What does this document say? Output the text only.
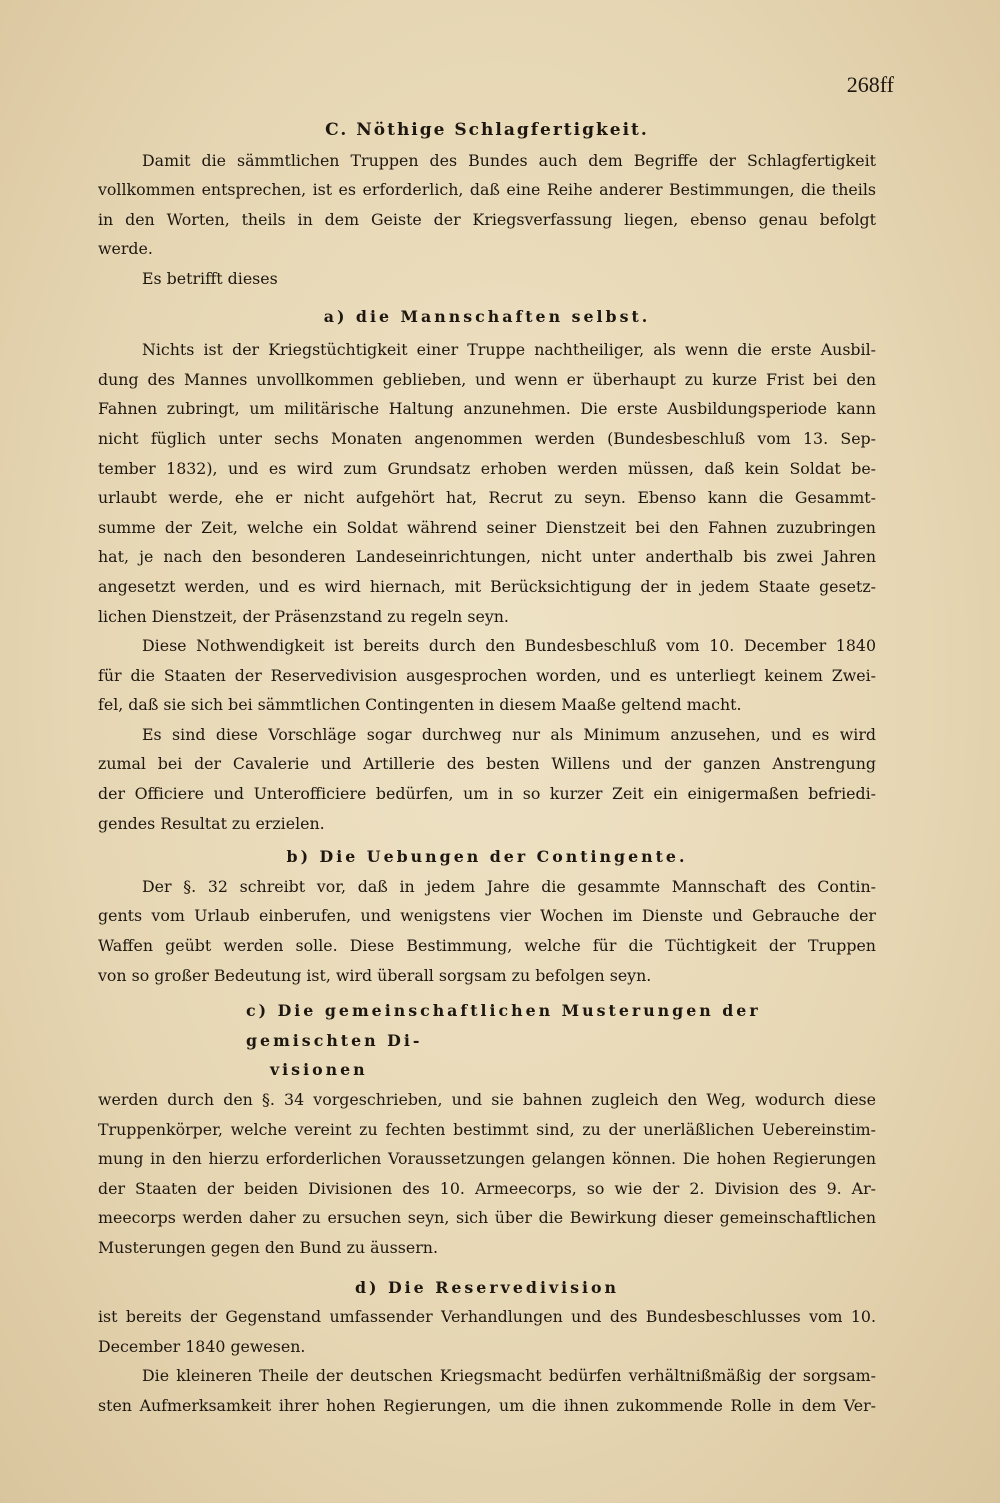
268ff
C. Nöthige Schlagfertigkeit.

Damit die sämmtlichen Truppen des Bundes auch dem Begriffe der Schlagfertigkeit

vollkommen entsprechen, ist es erforderlich, daß eine Reihe anderer Bestimmungen, die theils
in den Worten, theils in dem Geiste der Kriegsverfassung liegen, ebenso genau befolgt
werde.

Es betrifft dieses

a) die Mannschaften selbst.

Nichts ist der Kriegstüchtigkeit einer Truppe nachtheiliger, als wenn die erste Ausbil-
dung des Mannes unvollkommen geblieben, und wenn er überhaupt zu kurze Frist bei den
Fahnen zubringt, um militärische Haltung anzunehmen. Die erste Ausbildungsperiode kann
nicht füglich unter sechs Monaten angenommen werden (Bundesbeschluß vom 13. Sep-
tember 1832), und es wird zum Grundsatz erhoben werden müssen, daß kein Soldat be-
urlaubt werde, ehe er nicht aufgehört hat, Recrut zu seyn. Ebenso kann die Gesammt-
summe der Zeit, welche ein Soldat während seiner Dienstzeit bei den Fahnen zuzubringen
hat, je nach den besonderen Landeseinrichtungen, nicht unter anderthalb bis zwei Jahren
angesetzt werden, und es wird hiernach, mit Berücksichtigung der in jedem Staate gesetz-
lichen Dienstzeit, der Präsenzstand zu regeln seyn.

Diese Nothwendigkeit ist bereits durch den Bundesbeschluß vom 10. December 1840
für die Staaten der Reservedivision ausgesprochen worden, und es unterliegt keinem Zwei-
fel, daß sie sich bei sämmtlichen Contingenten in diesem Maaße geltend macht.

Es sind diese Vorschläge sogar durchweg nur als Minimum anzusehen, und es wird
zumal bei der Cavalerie und Artillerie des besten Willens und der ganzen Anstrengung
der Officiere und Unterofficiere bedürfen, um in so kurzer Zeit ein einigermaßen befriedi-
gendes Resultat zu erzielen.

b) Die Uebungen der Contingente.

Der §. 32 schreibt vor, daß in jedem Jahre die gesammte Mannschaft des Contin-
gents vom Urlaub einberufen, und wenigstens vier Wochen im Dienste und Gebrauche der
Waffen geübt werden solle. Diese Bestimmung, welche für die Tüchtigkeit der Truppen
von so großer Bedeutung ist, wird überall sorgsam zu befolgen seyn.

c) Die gemeinschaftlichen Musterungen der gemischten Di-
visionen

werden durch den §. 34 vorgeschrieben, und sie bahnen zugleich den Weg, wodurch diese
Truppenkörper, welche vereint zu fechten bestimmt sind, zu der unerläßlichen Uebereinstim-
mung in den hierzu erforderlichen Voraussetzungen gelangen können. Die hohen Regierungen
der Staaten der beiden Divisionen des 10. Armeecorps, so wie der 2. Division des 9. Ar-
meecorps werden daher zu ersuchen seyn, sich über die Bewirkung dieser gemeinschaftlichen
Musterungen gegen den Bund zu äussern.

d) Die Reservedivision

ist bereits der Gegenstand umfassender Verhandlungen und des Bundesbeschlusses vom 10.
December 1840 gewesen.

Die kleineren Theile der deutschen Kriegsmacht bedürfen verhältnißmäßig der sorgsam-
sten Aufmerksamkeit ihrer hohen Regierungen, um die ihnen zukommende Rolle in dem Ver-
